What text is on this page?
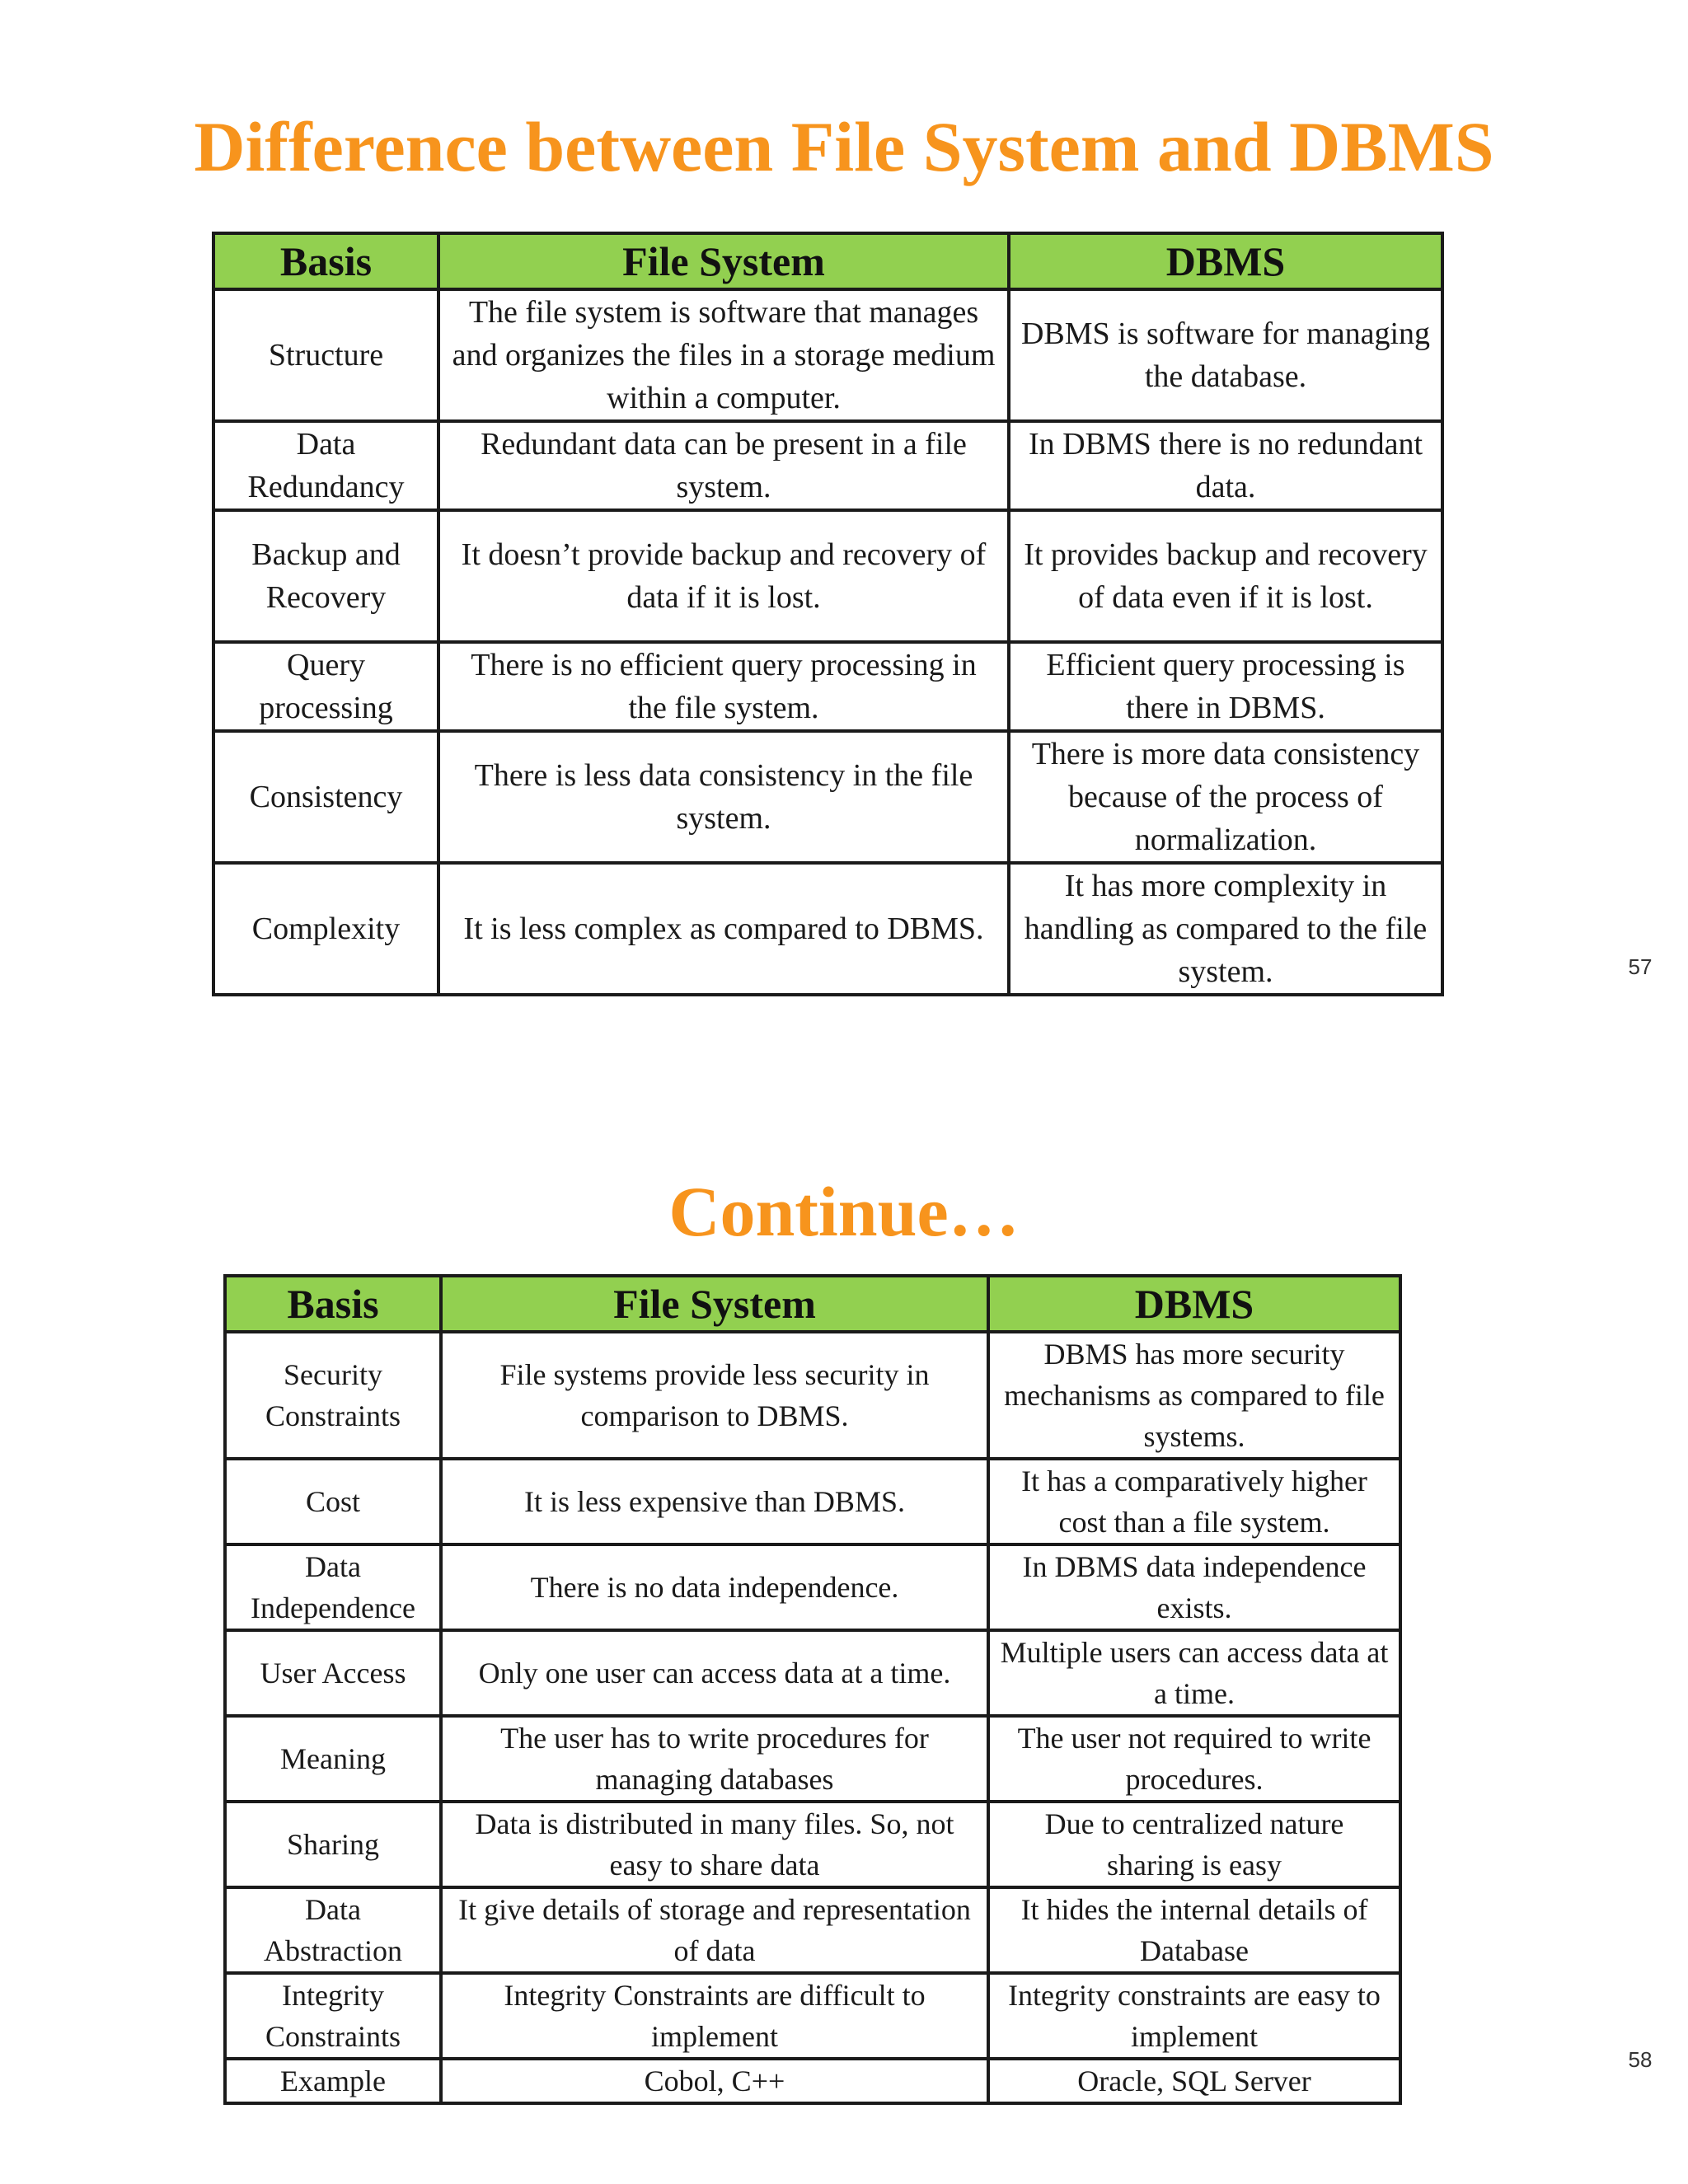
Difference between File System and DBMS
Basis	File System	DBMS
Structure	The file system is software that manages and organizes the files in a storage medium within a computer.	DBMS is software for managing the database.
Data Redundancy	Redundant data can be present in a file system.	In DBMS there is no redundant data.
Backup and Recovery	It doesn’t provide backup and recovery of data if it is lost.	It provides backup and recovery of data even if it is lost.
Query processing	There is no efficient query processing in the file system.	Efficient query processing is there in DBMS.
Consistency	There is less data consistency in the file system.	There is more data consistency because of the process of normalization.
Complexity	It is less complex as compared to DBMS.	It has more complexity in handling as compared to the file system.	57
Continue…
Basis	File System	DBMS
Security Constraints	File systems provide less security in comparison to DBMS.	DBMS has more security mechanisms as compared to file systems.
Cost	It is less expensive than DBMS.	It has a comparatively higher cost than a file system.
Data Independence	There is no data independence.	In DBMS data independence exists.
User Access	Only one user can access data at a time.	Multiple users can access data at a time.
Meaning	The user has to write procedures for managing databases	The user not required to write procedures.
Sharing	Data is distributed in many files. So, not easy to share data	Due to centralized nature sharing is easy
Data Abstraction	It give details of storage and representation of data	It hides the internal details of Database
Integrity Constraints	Integrity Constraints are difficult to implement	Integrity constraints are easy to implement
Example	Cobol, C++	Oracle, SQL Server
58
